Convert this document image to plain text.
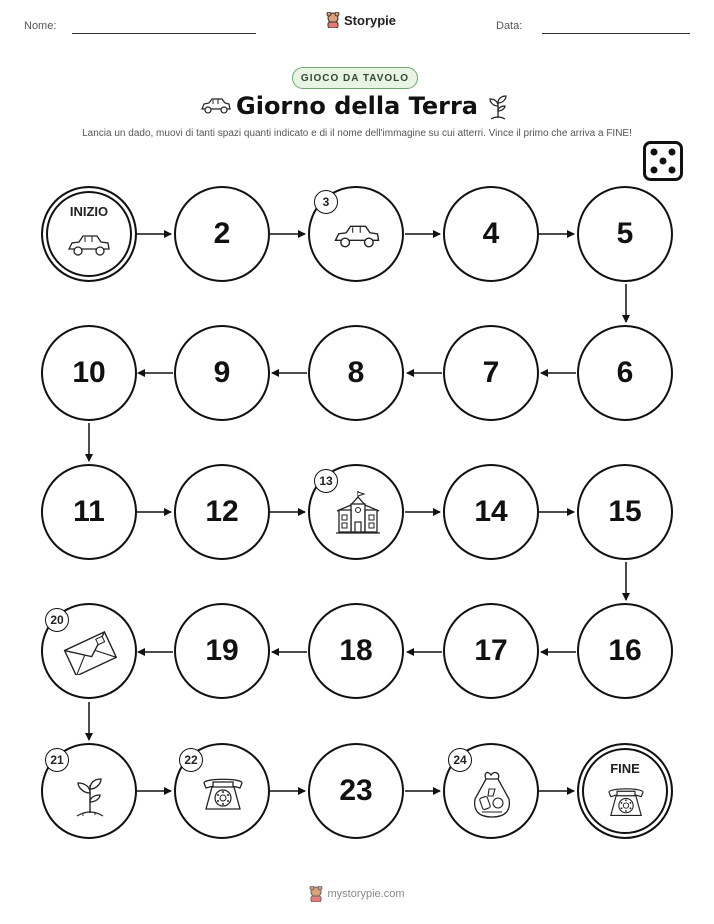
Nome:	Storypie	Data:
GIOCO DA TAVOLO
Giorno della Terra
Lancia un dado, muovi di tanti spazi quanti indicato e di il nome dell'immagine su cui atterri. Vince il primo che arriva a FINE!
INIZIO
2
3
4	5
6
7
8
9
10
11	12
13
14	15
16
17
18
19
20
21	22
23
24
FINE
mystorypie.com
